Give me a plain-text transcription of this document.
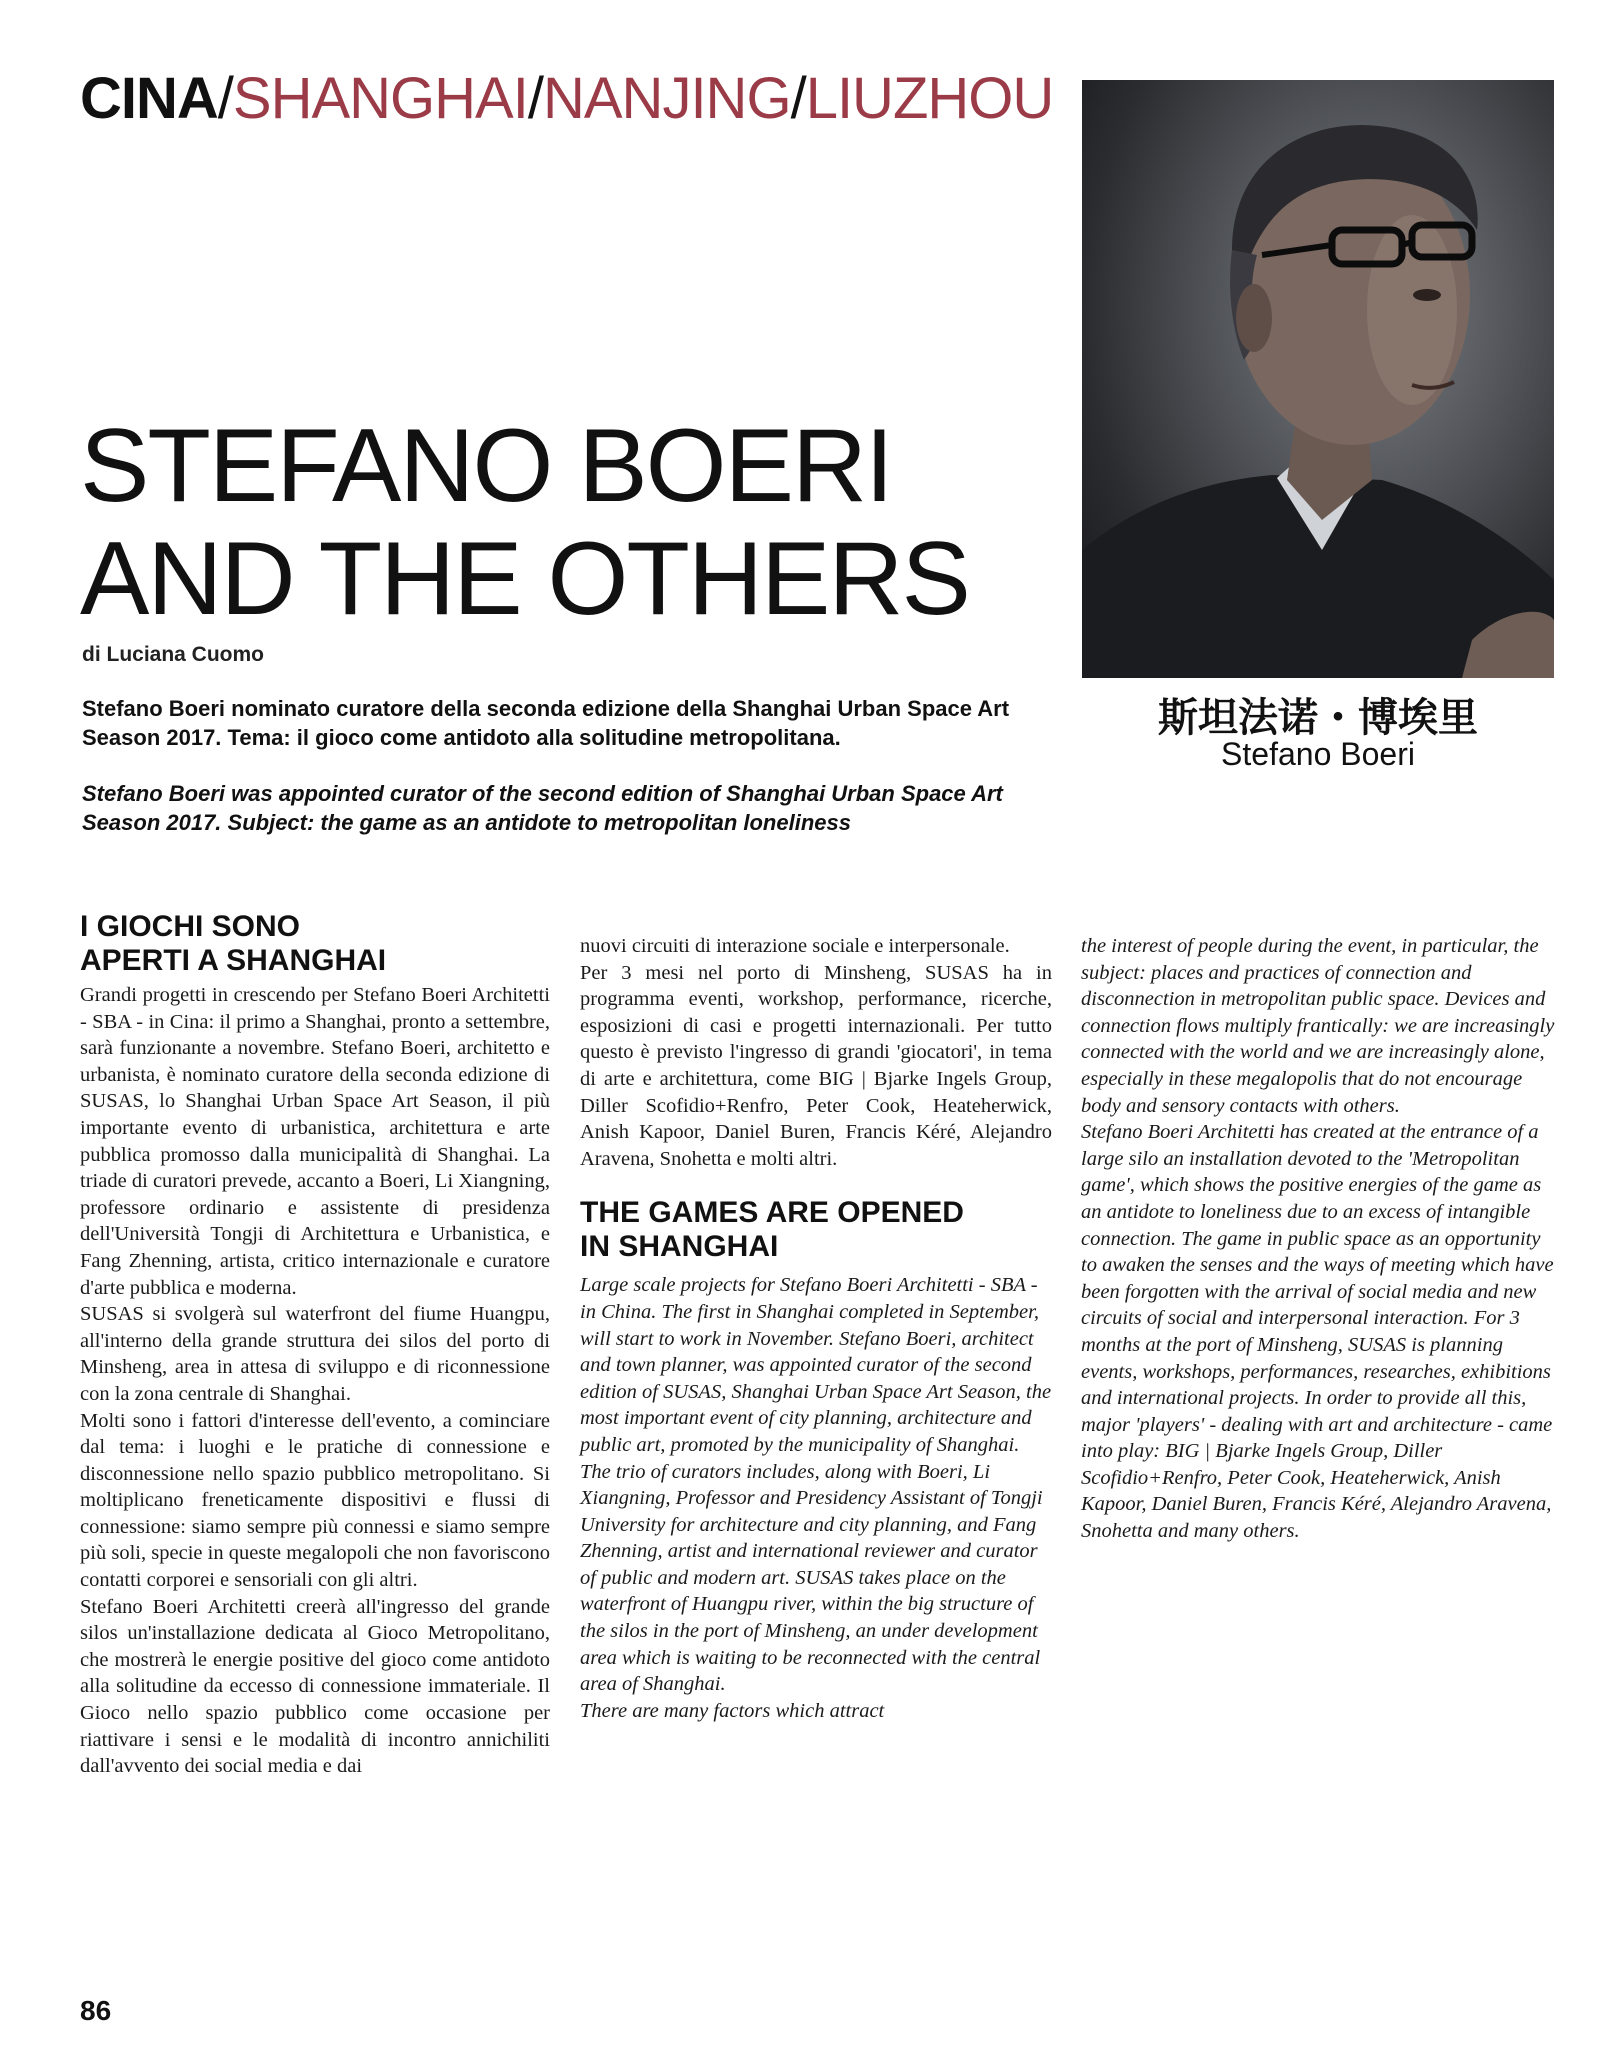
CINA/SHANGHAI/NANJING/LIUZHOU
斯坦法诺・博埃里
Stefano Boeri
STEFANO BOERI
AND THE OTHERS
di Luciana Cuomo
Stefano Boeri nominato curatore della seconda edizione della Shanghai Urban Space Art Season 2017. Tema: il gioco come antidoto alla solitudine metropolitana.
Stefano Boeri was appointed curator of the second edition of Shanghai Urban Space Art Season 2017. Subject: the game as an antidote to metropolitan loneliness
I GIOCHI SONO
APERTI A SHANGHAI

Grandi progetti in crescendo per Stefano Boeri Architetti - SBA - in Cina: il primo a Shanghai, pronto a settembre, sarà funzionante a novembre. Stefano Boeri, architetto e urbanista, è nominato curatore della seconda edizione di SUSAS, lo Shanghai Urban Space Art Season, il più importante evento di urbanistica, architettura e arte pubblica promosso dalla municipalità di Shanghai. La triade di curatori prevede, accanto a Boeri, Li Xiangning, professore ordinario e assistente di presidenza dell'Università Tongji di Architettura e Urbanistica, e Fang Zhenning, artista, critico internazionale e curatore d'arte pubblica e moderna.

SUSAS si svolgerà sul waterfront del fiume Huangpu, all'interno della grande struttura dei silos del porto di Minsheng, area in attesa di sviluppo e di riconnessione con la zona centrale di Shanghai.

Molti sono i fattori d'interesse dell'evento, a cominciare dal tema: i luoghi e le pratiche di connessione e disconnessione nello spazio pubblico metropolitano. Si moltiplicano freneticamente dispositivi e flussi di connessione: siamo sempre più connessi e siamo sempre più soli, specie in queste megalopoli che non favoriscono contatti corporei e sensoriali con gli altri.

Stefano Boeri Architetti creerà all'ingresso del grande silos un'installazione dedicata al Gioco Metropolitano, che mostrerà le energie positive del gioco come antidoto alla solitudine da eccesso di connessione immateriale. Il Gioco nello spazio pubblico come occasione per riattivare i sensi e le modalità di incontro annichiliti dall'avvento dei social media e dai

nuovi circuiti di interazione sociale e interpersonale.

Per 3 mesi nel porto di Minsheng, SUSAS ha in programma eventi, workshop, performance, ricerche, esposizioni di casi e progetti internazionali. Per tutto questo è previsto l'ingresso di grandi 'giocatori', in tema di arte e architettura, come BIG | Bjarke Ingels Group, Diller Scofidio+Renfro, Peter Cook, Heateherwick, Anish Kapoor, Daniel Buren, Francis Kéré, Alejandro Aravena, Snohetta e molti altri.

THE GAMES ARE OPENED
IN SHANGHAI

Large scale projects for Stefano Boeri Architetti - SBA - in China. The first in Shanghai completed in September, will start to work in November. Stefano Boeri, architect and town planner, was appointed curator of the second edition of SUSAS, Shanghai Urban Space Art Season, the most important event of city planning, architecture and public art, promoted by the municipality of Shanghai. The trio of curators includes, along with Boeri, Li Xiangning, Professor and Presidency Assistant of Tongji University for architecture and city planning, and Fang Zhenning, artist and international reviewer and curator of public and modern art. SUSAS takes place on the waterfront of Huangpu river, within the big structure of the silos in the port of Minsheng, an under development area which is waiting to be reconnected with the central area of Shanghai.

There are many factors which attract

the interest of people during the event, in particular, the subject: places and practices of connection and disconnection in metropolitan public space. Devices and connection flows multiply frantically: we are increasingly connected with the world and we are increasingly alone, especially in these megalopolis that do not encourage body and sensory contacts with others.

Stefano Boeri Architetti has created at the entrance of a large silo an installation devoted to the 'Metropolitan game', which shows the positive energies of the game as an antidote to loneliness due to an excess of intangible connection. The game in public space as an opportunity to awaken the senses and the ways of meeting which have been forgotten with the arrival of social media and new circuits of social and interpersonal interaction. For 3 months at the port of Minsheng, SUSAS is planning events, workshops, performances, researches, exhibitions and international projects. In order to provide all this, major 'players' - dealing with art and architecture - came into play: BIG | Bjarke Ingels Group, Diller Scofidio+Renfro, Peter Cook, Heateherwick, Anish Kapoor, Daniel Buren, Francis Kéré, Alejandro Aravena, Snohetta and many others.

86
